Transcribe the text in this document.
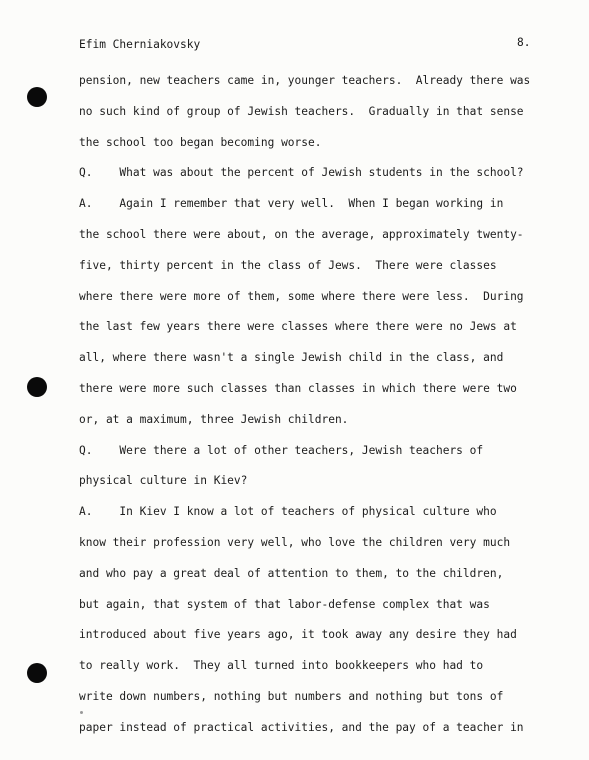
Efim Cherniakovsky	8.
pension, new teachers came in, younger teachers.  Already there was
no such kind of group of Jewish teachers.  Gradually in that sense
the school too began becoming worse.
Q.    What was about the percent of Jewish students in the school?
A.    Again I remember that very well.  When I began working in
the school there were about, on the average, approximately twenty-
five, thirty percent in the class of Jews.  There were classes
where there were more of them, some where there were less.  During
the last few years there were classes where there were no Jews at
all, where there wasn't a single Jewish child in the class, and
there were more such classes than classes in which there were two
or, at a maximum, three Jewish children.
Q.    Were there a lot of other teachers, Jewish teachers of
physical culture in Kiev?
A.    In Kiev I know a lot of teachers of physical culture who
know their profession very well, who love the children very much
and who pay a great deal of attention to them, to the children,
but again, that system of that labor-defense complex that was
introduced about five years ago, it took away any desire they had
to really work.  They all turned into bookkeepers who had to
write down numbers, nothing but numbers and nothing but tons of
paper instead of practical activities, and the pay of a teacher in
